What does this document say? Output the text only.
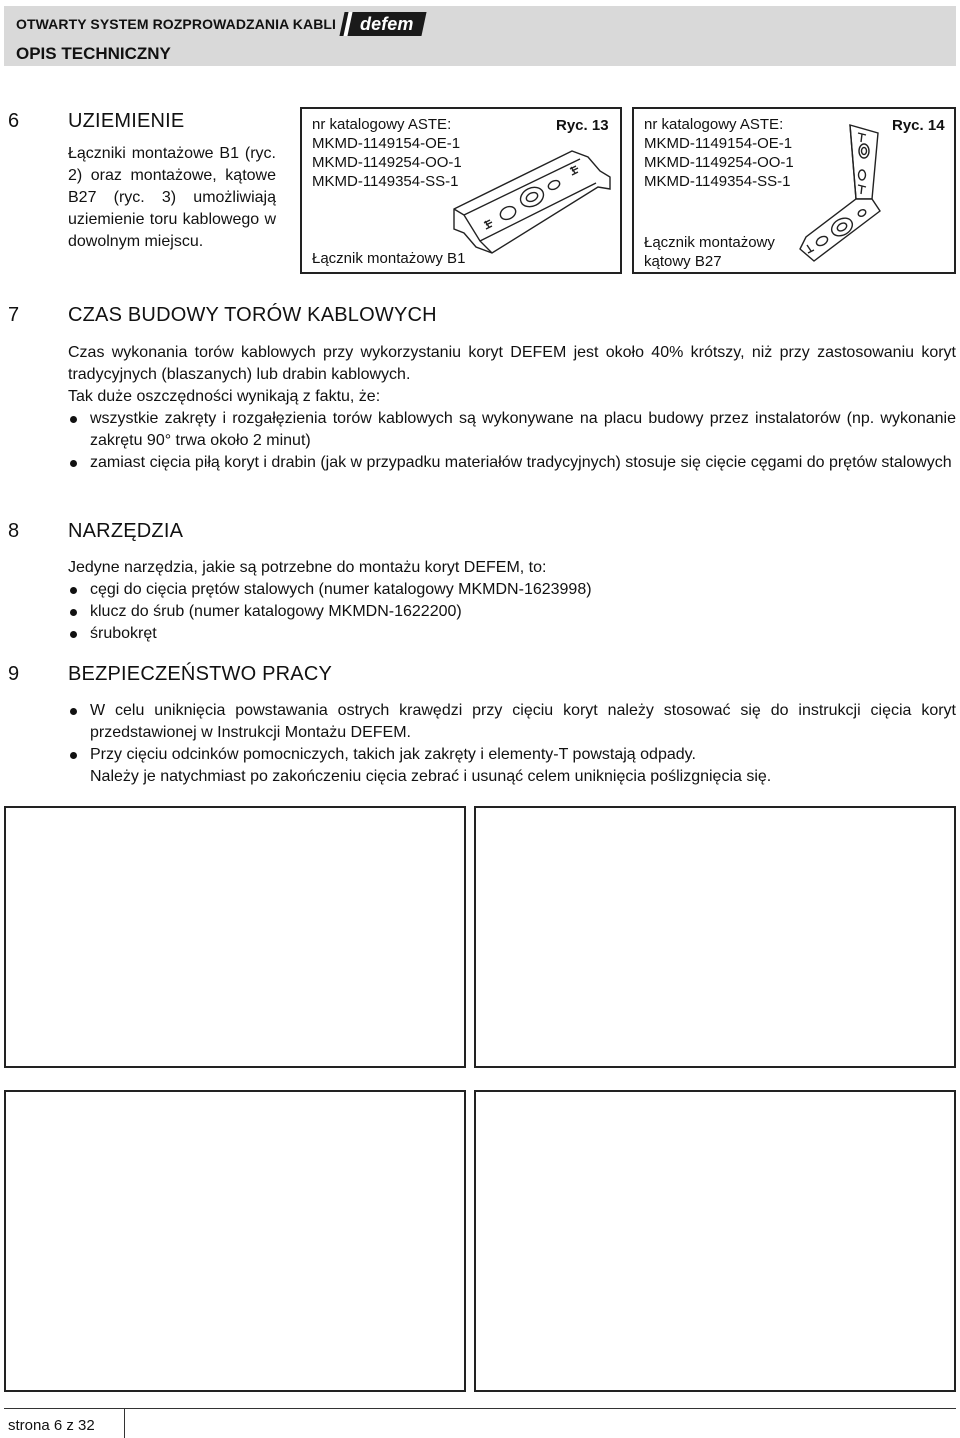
OTWARTY SYSTEM ROZPROWADZANIA KABLI	defem
OPIS TECHNICZNY
6 UZIEMIENIE
Łączniki montażowe B1 (ryc. 2) oraz montażowe, kątowe B27 (ryc. 3) umożliwiają uziemienie toru kablowego w dowolnym miejscu.
nr katalogowy ASTE:
MKMD-1149154-OE-1
MKMD-1149254-OO-1
MKMD-1149354-SS-1
Ryc. 13
Łącznik montażowy B1
nr katalogowy ASTE:
MKMD-1149154-OE-1
MKMD-1149254-OO-1
MKMD-1149354-SS-1
Ryc. 14
Łącznik montażowy
kątowy B27
7 CZAS BUDOWY TORÓW KABLOWYCH
Czas wykonania torów kablowych przy wykorzystaniu koryt DEFEM jest około 40% krótszy, niż przy zastosowaniu koryt tradycyjnych (blaszanych) lub drabin kablowych.
Tak duże oszczędności wynikają z faktu, że:
wszystkie zakręty i rozgałęzienia torów kablowych są wykonywane na placu budowy przez instalatorów (np. wykonanie zakrętu 90° trwa około 2 minut)
zamiast cięcia piłą koryt i drabin (jak w przypadku materiałów tradycyjnych) stosuje się cięcie cęgami do prętów stalowych
8 NARZĘDZIA
Jedyne narzędzia, jakie są potrzebne do montażu koryt DEFEM, to:
cęgi do cięcia prętów stalowych (numer katalogowy MKMDN-1623998)
klucz do śrub (numer katalogowy MKMDN-1622200)
śrubokręt
9 BEZPIECZEŃSTWO PRACY
W celu uniknięcia powstawania ostrych krawędzi przy cięciu koryt należy stosować się do instrukcji cięcia koryt przedstawionej w Instrukcji Montażu DEFEM.
Przy cięciu odcinków pomocniczych, takich jak zakręty i elementy-T powstają odpady.
Należy je natychmiast po zakończeniu cięcia zebrać i usunąć celem uniknięcia poślizgnięcia się.
strona 6 z 32
